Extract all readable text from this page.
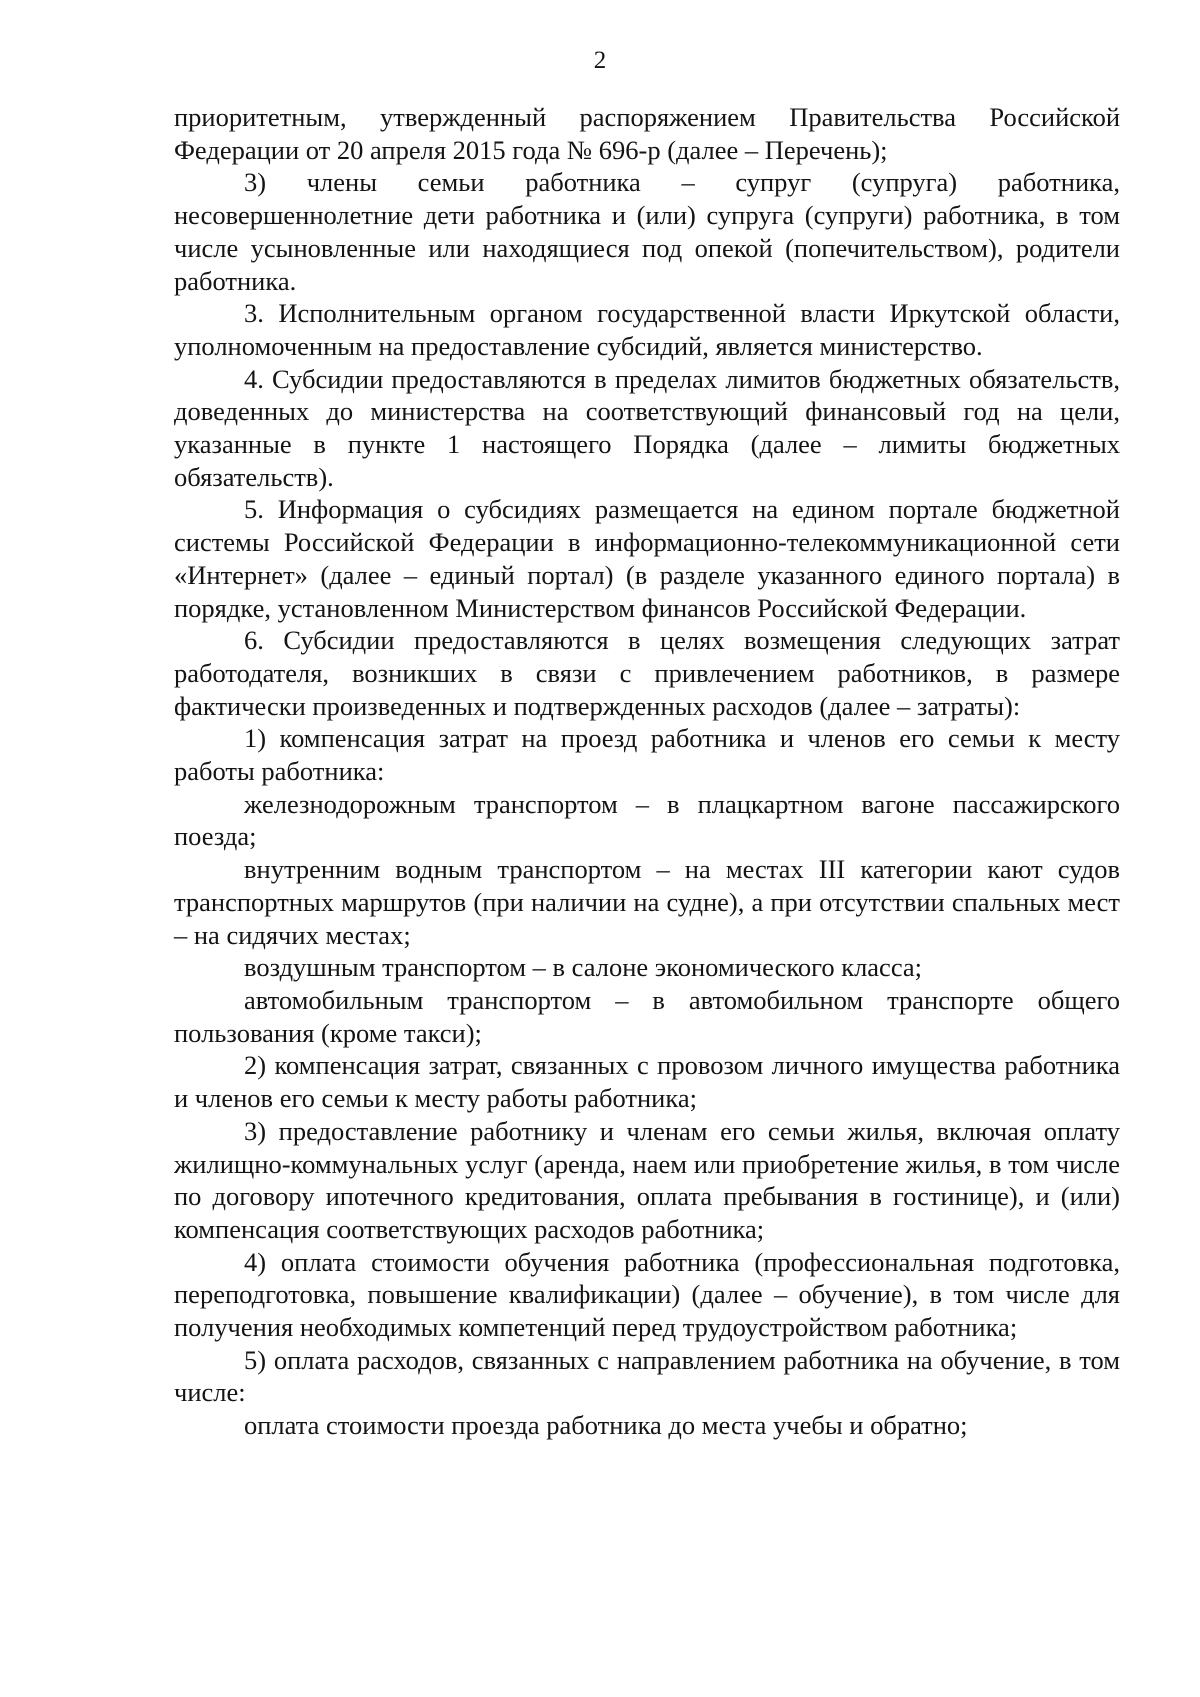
2

приоритетным, утвержденный распоряжением Правительства Российской Федерации от 20 апреля 2015 года № 696-р (далее – Перечень);

3) члены семьи работника – супруг (супруга) работника, несовершеннолетние дети работника и (или) супруга (супруги) работника, в том числе усыновленные или находящиеся под опекой (попечительством), родители работника.

3. Исполнительным органом государственной власти Иркутской области, уполномоченным на предоставление субсидий, является министерство.

4. Субсидии предоставляются в пределах лимитов бюджетных обязательств, доведенных до министерства на соответствующий финансовый год на цели, указанные в пункте 1 настоящего Порядка (далее – лимиты бюджетных обязательств).

5. Информация о субсидиях размещается на едином портале бюджетной системы Российской Федерации в информационно-телекоммуникационной сети «Интернет» (далее – единый портал) (в разделе указанного единого портала) в порядке, установленном Министерством финансов Российской Федерации.

6. Субсидии предоставляются в целях возмещения следующих затрат работодателя, возникших в связи с привлечением работников, в размере фактически произведенных и подтвержденных расходов (далее – затраты):

1) компенсация затрат на проезд работника и членов его семьи к месту работы работника:

железнодорожным транспортом – в плацкартном вагоне пассажирского поезда;

внутренним водным транспортом – на местах III категории кают судов транспортных маршрутов (при наличии на судне), а при отсутствии спальных мест – на сидячих местах;

воздушным транспортом – в салоне экономического класса;

автомобильным транспортом – в автомобильном транспорте общего пользования (кроме такси);

2) компенсация затрат, связанных с провозом личного имущества работника и членов его семьи к месту работы работника;

3) предоставление работнику и членам его семьи жилья, включая оплату жилищно-коммунальных услуг (аренда, наем или приобретение жилья, в том числе по договору ипотечного кредитования, оплата пребывания в гостинице), и (или) компенсация соответствующих расходов работника;

4) оплата стоимости обучения работника (профессиональная подготовка, переподготовка, повышение квалификации) (далее – обучение), в том числе для получения необходимых компетенций перед трудоустройством работника;

5) оплата расходов, связанных с направлением работника на обучение, в том числе:

оплата стоимости проезда работника до места учебы и обратно;
